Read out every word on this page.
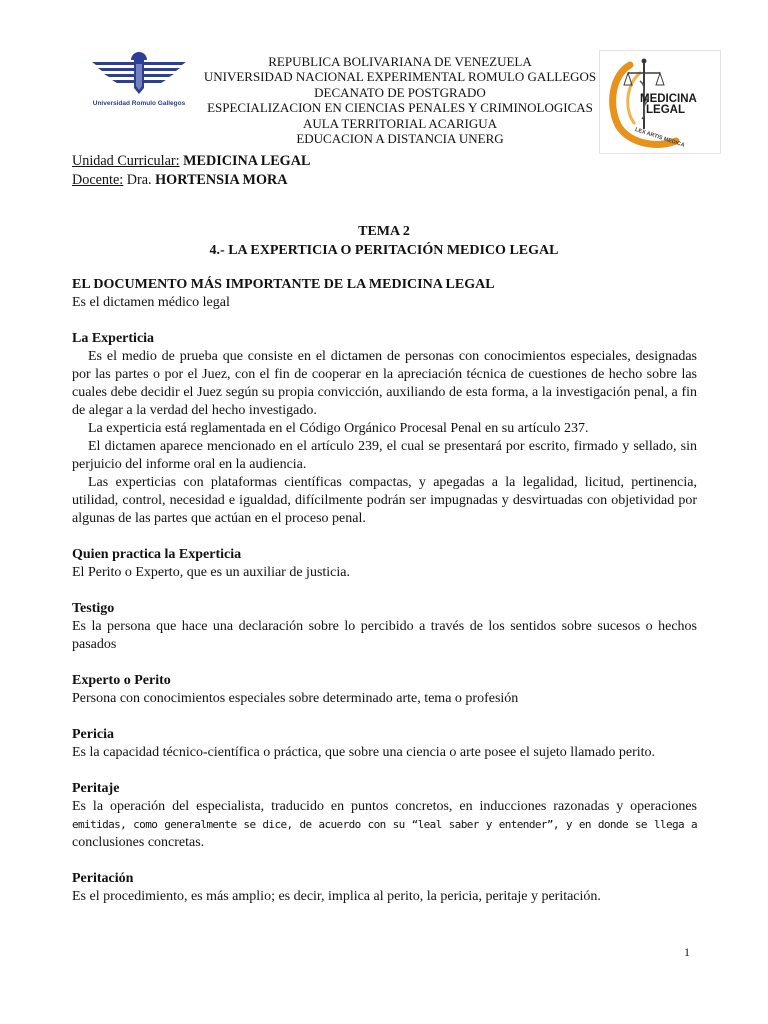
Universidad Romulo Gallegos
REPUBLICA BOLIVARIANA DE VENEZUELA
UNIVERSIDAD NACIONAL EXPERIMENTAL ROMULO GALLEGOS
DECANATO DE POSTGRADO
ESPECIALIZACION EN CIENCIAS PENALES Y CRIMINOLOGICAS
AULA TERRITORIAL ACARIGUA
EDUCACION A DISTANCIA UNERG
MEDICINA
LEGAL
LEX ARTIS MEDICA
Unidad Curricular: MEDICINA LEGAL
Docente: Dra. HORTENSIA MORA
TEMA 2
4.- LA EXPERTICIA O PERITACIÓN MEDICO LEGAL
EL DOCUMENTO MÁS IMPORTANTE DE LA MEDICINA LEGAL

Es el dictamen médico legal

La Experticia

Es el medio de prueba que consiste en el dictamen de personas con conocimientos especiales, designadas por las partes o por el Juez, con el fin de cooperar en la apreciación técnica de cuestiones de hecho sobre las cuales debe decidir el Juez según su propia convicción, auxiliando de esta forma, a la investigación penal, a fin de alegar a la verdad del hecho investigado.

La experticia está reglamentada en el Código Orgánico Procesal Penal en su artículo 237.

El dictamen aparece mencionado en el artículo 239, el cual se presentará por escrito, firmado y sellado, sin perjuicio del informe oral en la audiencia.

Las experticias con plataformas científicas compactas, y apegadas a la legalidad, licitud, pertinencia, utilidad, control, necesidad e igualdad, difícilmente podrán ser impugnadas y desvirtuadas con objetividad por algunas de las partes que actúan en el proceso penal.

Quien practica la Experticia

El Perito o Experto, que es un auxiliar de justicia.

Testigo

Es la persona que hace una declaración sobre lo percibido a través de los sentidos sobre sucesos o hechos pasados

Experto o Perito

Persona con conocimientos especiales sobre determinado arte, tema o profesión

Pericia

Es la capacidad técnico-científica o práctica, que sobre una ciencia o arte posee el sujeto llamado perito.

Peritaje

Es la operación del especialista, traducido en puntos concretos, en inducciones razonadas y operaciones

emitidas, como generalmente se dice, de acuerdo con su “leal saber y entender”, y en donde se llega a

conclusiones concretas.

Peritación

Es el procedimiento, es más amplio; es decir, implica al perito, la pericia, peritaje y peritación.

1
